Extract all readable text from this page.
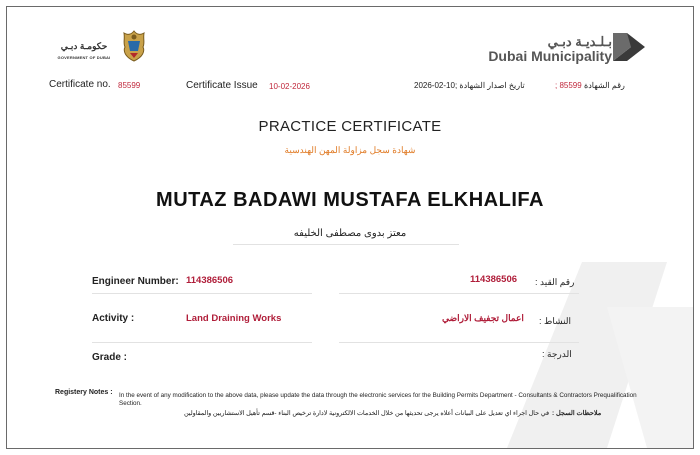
حكومـة دبـي
GOVERNMENT OF DUBAI
بـلـديـة دبـي
Dubai Municipality
Certificate no. 85599	Certificate Issue 10-02-2026	تاريخ اصدار الشهادة ;10-02-2026	85599 ; رقم الشهادة
PRACTICE CERTIFICATE
شهادة سجل مزاولة المهن الهندسية
MUTAZ BADAWI MUSTAFA ELKHALIFA
معتز بدوى مصطفى الخليفه
Engineer Number: 114386506	114386506 رقم القيد :
Activity :	Land Draining Works	اعمال تجفيف الاراضي النشاط :
Grade :	الدرجة :
Registery Notes : In the event of any modification to the above data, please update the data through the electronic services for the Building Permits Department - Consultants & Contractors Prequalification Section.
ملاحظات السجل :
في حال اجراء اي تعديل على البيانات أعلاه يرجى تحديثها من خلال الخدمات الالكترونية لادارة ترخيص البناء -قسم تأهيل الاستشاريين والمقاولين
